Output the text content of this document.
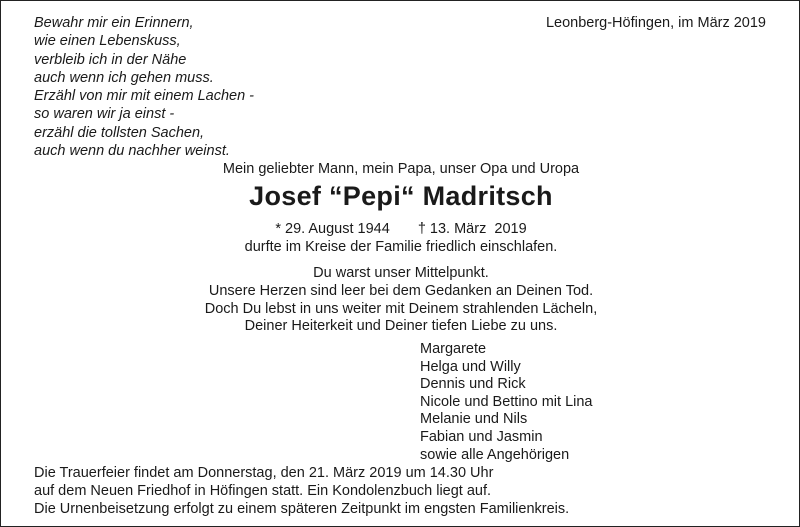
Bewahr mir ein Erinnern,
wie einen Lebenskuss,
verbleib ich in der Nähe
auch wenn ich gehen muss.
Erzähl von mir mit einem Lachen -
so waren wir ja einst -
erzähl die tollsten Sachen,
auch wenn du nachher weinst.
Leonberg-Höfingen, im März 2019
Mein geliebter Mann, mein Papa, unser Opa und Uropa
Josef “Pepi“ Madritsch
* 29. August 1944 † 13. März  2019
durfte im Kreise der Familie friedlich einschlafen.
Du warst unser Mittelpunkt.
Unsere Herzen sind leer bei dem Gedanken an Deinen Tod.
Doch Du lebst in uns weiter mit Deinem strahlenden Lächeln,
Deiner Heiterkeit und Deiner tiefen Liebe zu uns.
Margarete
Helga und Willy
Dennis und Rick
Nicole und Bettino mit Lina
Melanie und Nils
Fabian und Jasmin
sowie alle Angehörigen
Die Trauerfeier findet am Donnerstag, den 21. März 2019 um 14.30 Uhr
auf dem Neuen Friedhof in Höfingen statt. Ein Kondolenzbuch liegt auf.
Die Urnenbeisetzung erfolgt zu einem späteren Zeitpunkt im engsten Familienkreis.
